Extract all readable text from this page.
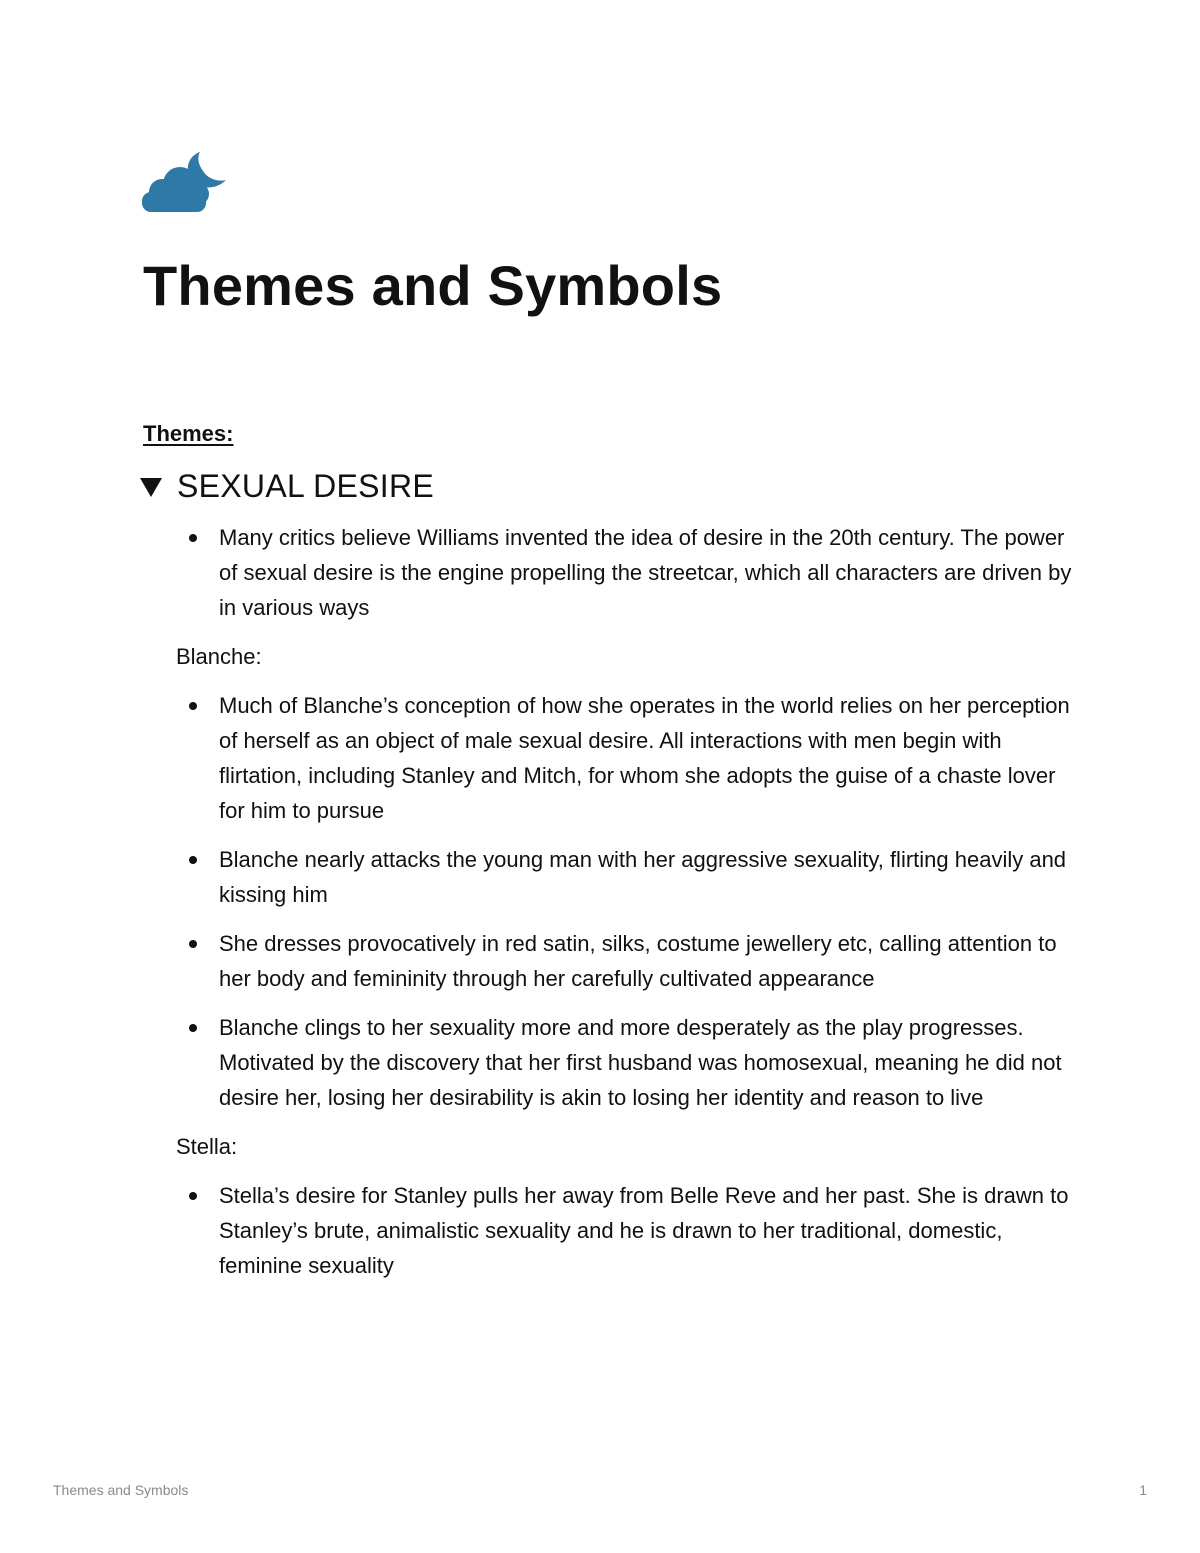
Themes and Symbols
Themes:
SEXUAL DESIRE
Many critics believe Williams invented the idea of desire in the 20th century. The power of sexual desire is the engine propelling the streetcar, which all characters are driven by in various ways
Blanche:
Much of Blanche’s conception of how she operates in the world relies on her perception of herself as an object of male sexual desire. All interactions with men begin with flirtation, including Stanley and Mitch, for whom she adopts the guise of a chaste lover for him to pursue
Blanche nearly attacks the young man with her aggressive sexuality, flirting heavily and kissing him
She dresses provocatively in red satin, silks, costume jewellery etc, calling attention to her body and femininity through her carefully cultivated appearance
Blanche clings to her sexuality more and more desperately as the play progresses. Motivated by the discovery that her first husband was homosexual, meaning he did not desire her, losing her desirability is akin to losing her identity and reason to live
Stella:
Stella’s desire for Stanley pulls her away from Belle Reve and her past. She is drawn to Stanley’s brute, animalistic sexuality and he is drawn to her traditional, domestic, feminine sexuality
Themes and Symbols	1
